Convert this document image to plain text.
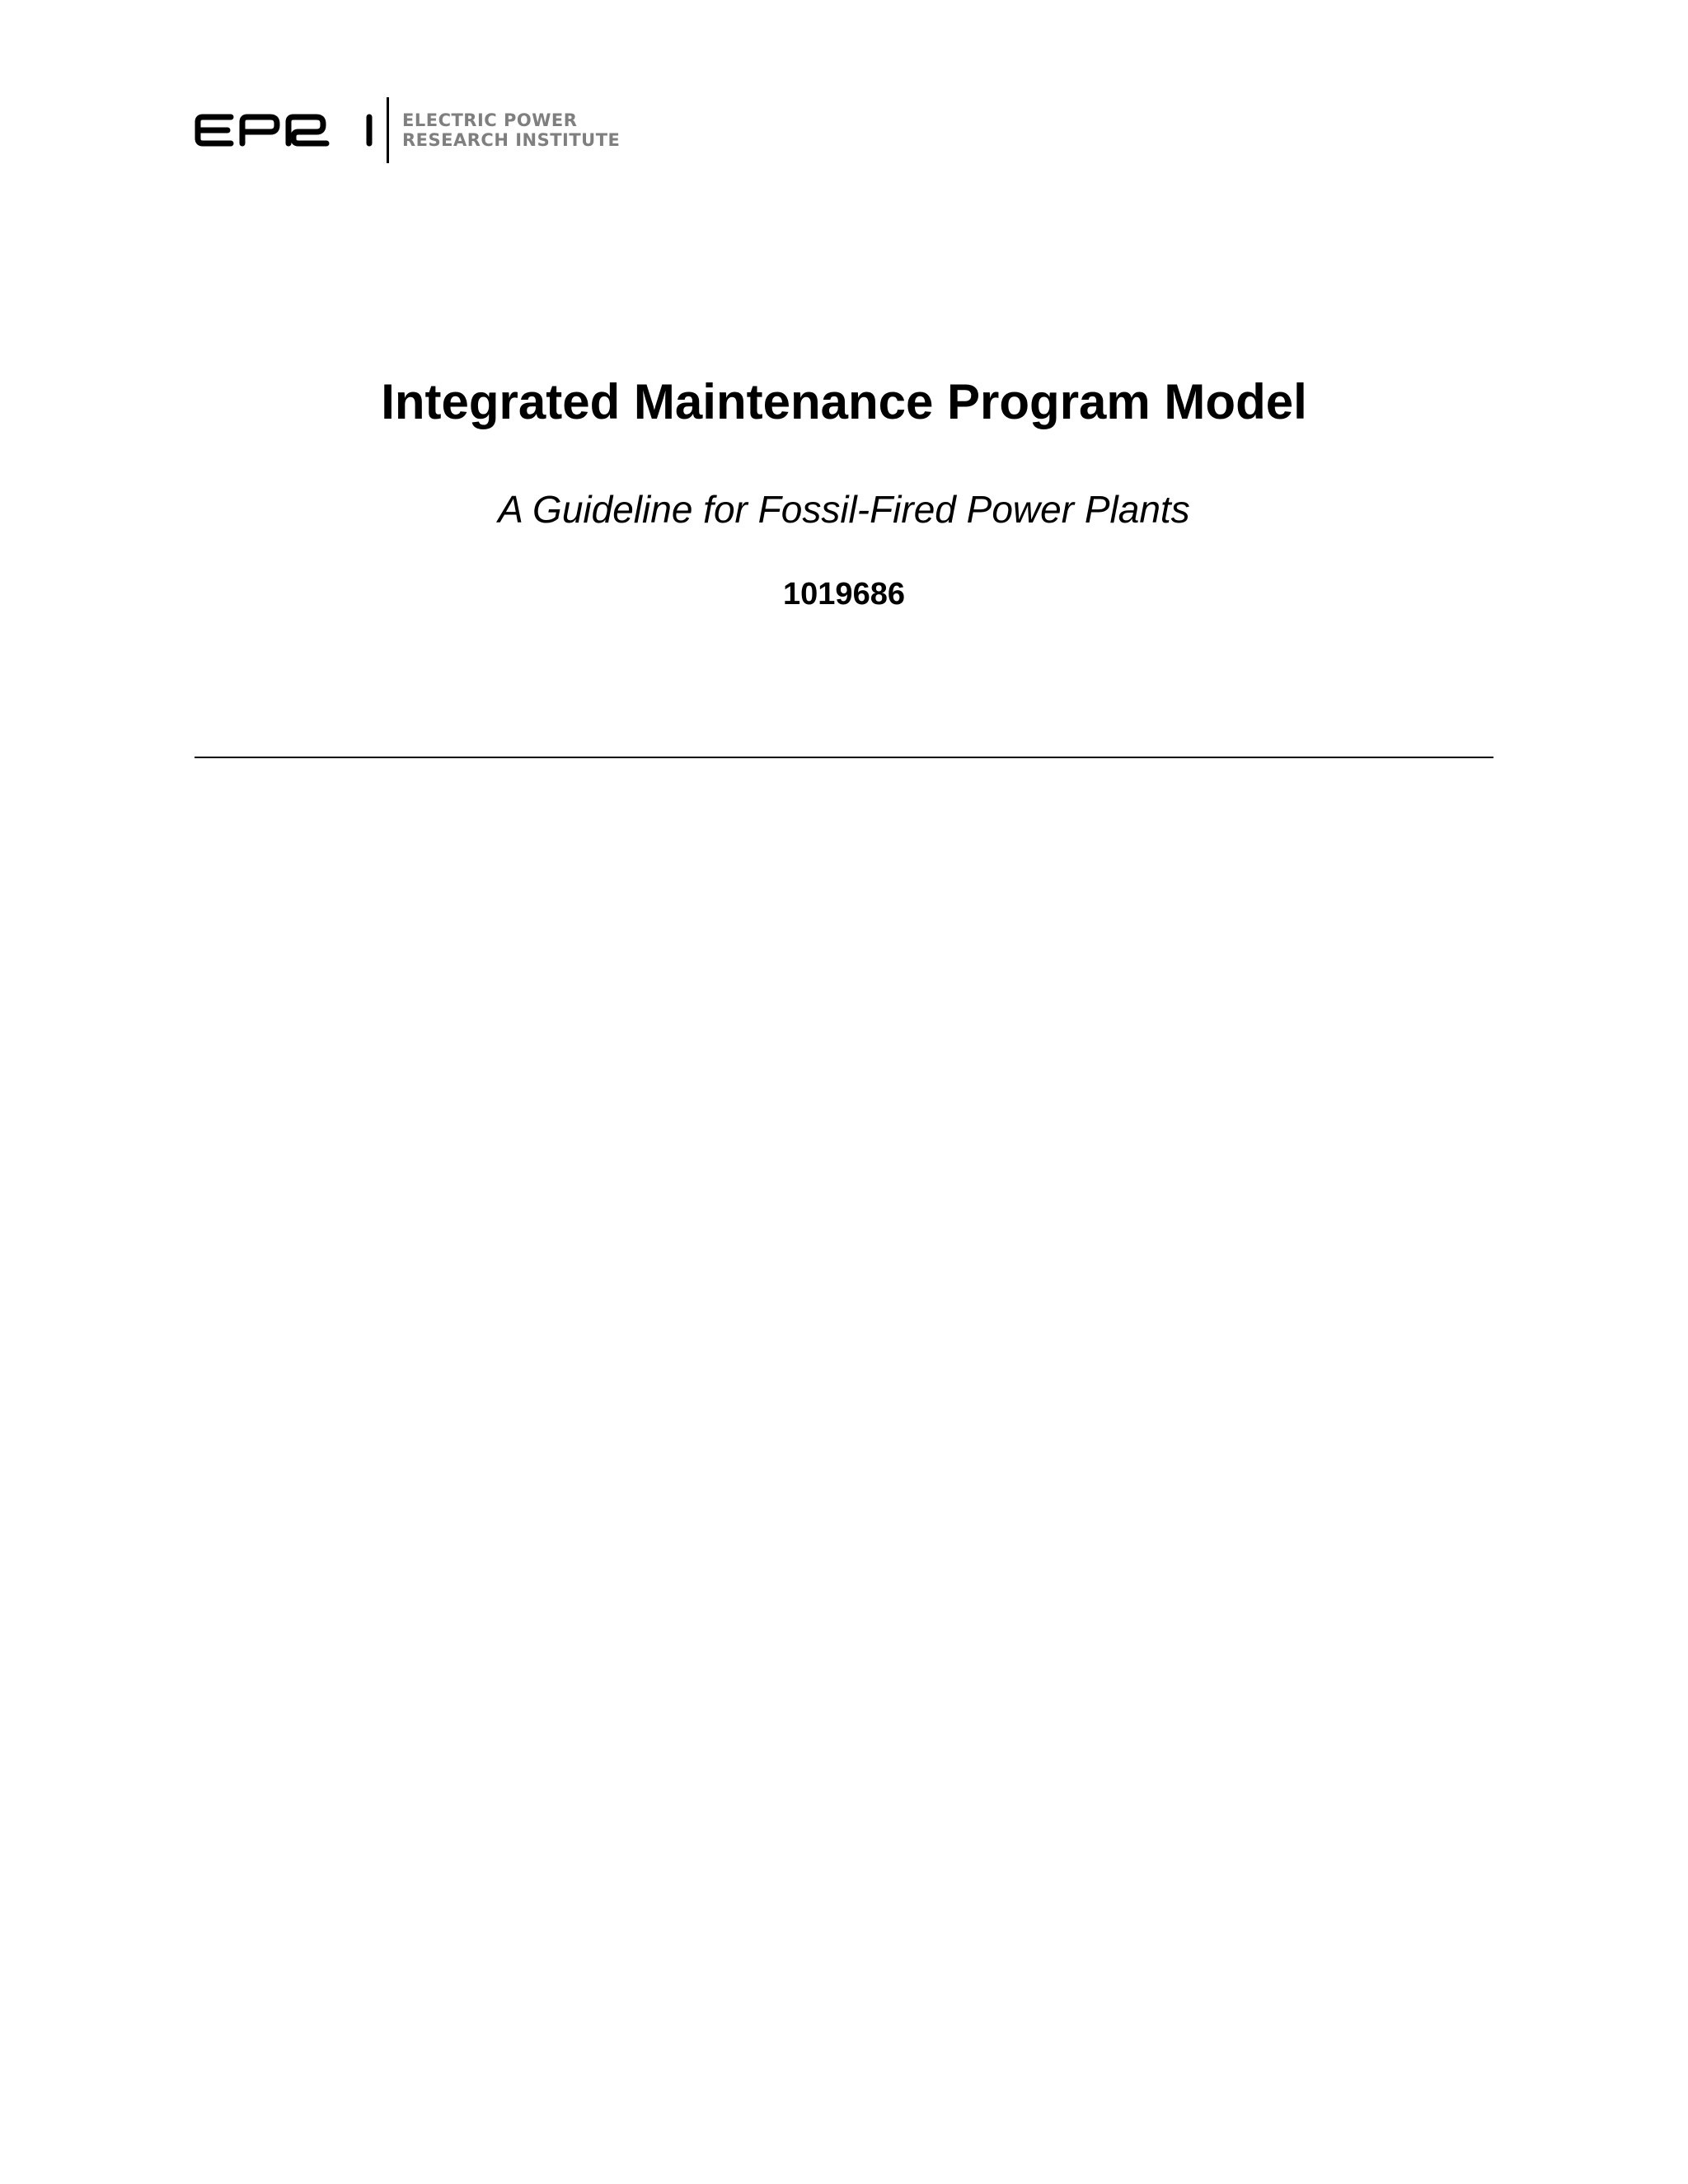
ELECTRIC POWER
RESEARCH INSTITUTE
Integrated Maintenance Program Model
A Guideline for Fossil-Fired Power Plants
1019686
